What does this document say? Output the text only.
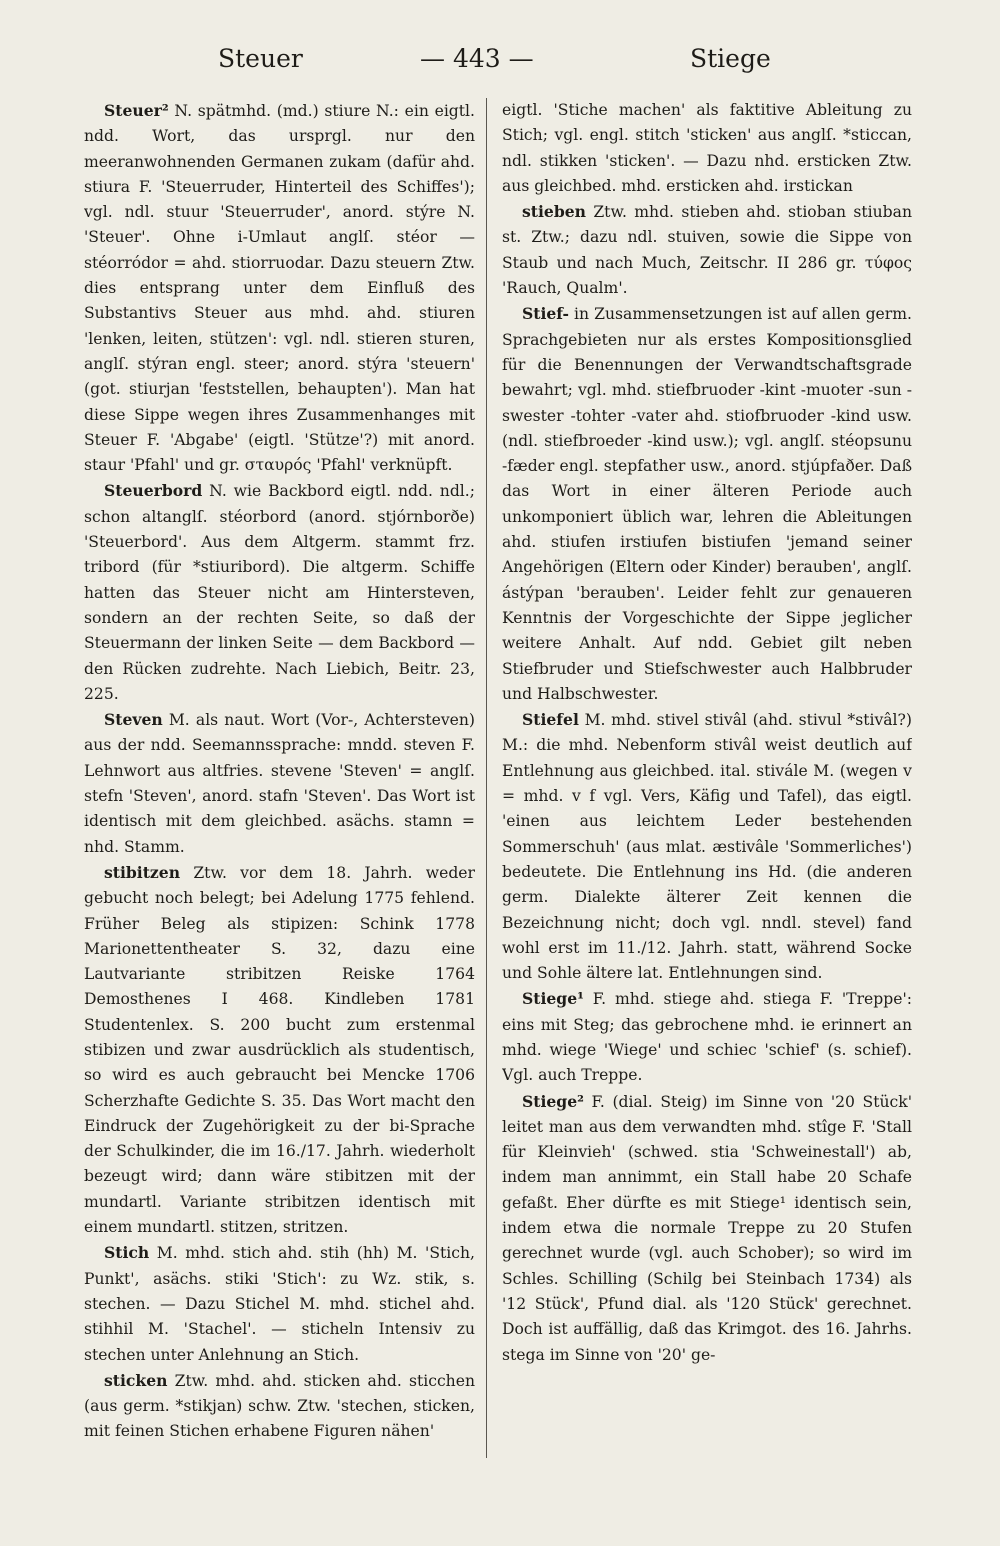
Steuer	— 443 —	Stiege

Steuer² N. spätmhd. (md.) stiure N.: ein eigtl. ndd. Wort, das ursprgl. nur den meeranwohnenden Germanen zukam (dafür ahd. stiura F. 'Steuerruder, Hinterteil des Schiffes'); vgl. ndl. stuur 'Steuerruder', anord. stýre N. 'Steuer'. Ohne i-Umlaut anglſ. stéor — stéorródor = ahd. stiorruodar. Dazu steuern Ztw. dies entsprang unter dem Einfluß des Substantivs Steuer aus mhd. ahd. stiuren 'lenken, leiten, stützen': vgl. ndl. stieren sturen, anglſ. stýran engl. steer; anord. stýra 'steuern' (got. stiurjan 'feststellen, behaupten'). Man hat diese Sippe wegen ihres Zusammenhanges mit Steuer F. 'Abgabe' (eigtl. 'Stütze'?) mit anord. staur 'Pfahl' und gr. σταυρός 'Pfahl' verknüpft.

Steuerbord N. wie Backbord eigtl. ndd. ndl.; schon altanglſ. stéorbord (anord. stjórnborðe) 'Steuerbord'. Aus dem Altgerm. stammt frz. tribord (für *stiuribord). Die altgerm. Schiffe hatten das Steuer nicht am Hintersteven, sondern an der rechten Seite, so daß der Steuermann der linken Seite — dem Backbord — den Rücken zudrehte. Nach Liebich, Beitr. 23, 225.

Steven M. als naut. Wort (Vor-, Achtersteven) aus der ndd. Seemannssprache: mndd. steven F. Lehnwort aus altfries. stevene 'Steven' = anglſ. stefn 'Steven', anord. stafn 'Steven'. Das Wort ist identisch mit dem gleichbed. asächs. stamn = nhd. Stamm.

stibitzen Ztw. vor dem 18. Jahrh. weder gebucht noch belegt; bei Adelung 1775 fehlend. Früher Beleg als stipizen: Schink 1778 Marionettentheater S. 32, dazu eine Lautvariante stribitzen Reiske 1764 Demosthenes I 468. Kindleben 1781 Studentenlex. S. 200 bucht zum erstenmal stibizen und zwar ausdrücklich als studentisch, so wird es auch gebraucht bei Mencke 1706 Scherzhafte Gedichte S. 35. Das Wort macht den Eindruck der Zugehörigkeit zu der bi-Sprache der Schulkinder, die im 16./17. Jahrh. wiederholt bezeugt wird; dann wäre stibitzen mit der mundartl. Variante stribitzen identisch mit einem mundartl. stitzen, stritzen.

Stich M. mhd. stich ahd. stih (hh) M. 'Stich, Punkt', asächs. stiki 'Stich': zu Wz. stik, s. stechen. — Dazu Stichel M. mhd. stichel ahd. stihhil M. 'Stachel'. — sticheln Intensiv zu stechen unter Anlehnung an Stich.

sticken Ztw. mhd. ahd. sticken ahd. sticchen (aus germ. *stikjan) schw. Ztw. 'stechen, sticken, mit feinen Stichen erhabene Figuren nähen'

eigtl. 'Stiche machen' als faktitive Ableitung zu Stich; vgl. engl. stitch 'sticken' aus anglſ. *sticcan, ndl. stikken 'sticken'. — Dazu nhd. ersticken Ztw. aus gleichbed. mhd. ersticken ahd. irstickan

stieben Ztw. mhd. stieben ahd. stioban stiuban st. Ztw.; dazu ndl. stuiven, sowie die Sippe von Staub und nach Much, Zeitschr. II 286 gr. τύφος 'Rauch, Qualm'.

Stief- in Zusammensetzungen ist auf allen germ. Sprachgebieten nur als erstes Kompositionsglied für die Benennungen der Verwandtschaftsgrade bewahrt; vgl. mhd. stiefbruoder -kint -muoter -sun -swester -tohter -vater ahd. stiofbruoder -kind usw. (ndl. stiefbroeder -kind usw.); vgl. anglſ. stéopsunu -fæder engl. stepfather usw., anord. stjúpfaðer. Daß das Wort in einer älteren Periode auch unkomponiert üblich war, lehren die Ableitungen ahd. stiufen irstiufen bistiufen 'jemand seiner Angehörigen (Eltern oder Kinder) berauben', anglſ. ástýpan 'berauben'. Leider fehlt zur genaueren Kenntnis der Vorgeschichte der Sippe jeglicher weitere Anhalt. Auf ndd. Gebiet gilt neben Stiefbruder und Stiefschwester auch Halbbruder und Halbschwester.

Stiefel M. mhd. stivel stivâl (ahd. stivul *stivâl?) M.: die mhd. Nebenform stivâl weist deutlich auf Entlehnung aus gleichbed. ital. stivále M. (wegen v = mhd. v f vgl. Vers, Käfig und Tafel), das eigtl. 'einen aus leichtem Leder bestehenden Sommerschuh' (aus mlat. æstivâle 'Sommerliches') bedeutete. Die Entlehnung ins Hd. (die anderen germ. Dialekte älterer Zeit kennen die Bezeichnung nicht; doch vgl. nndl. stevel) fand wohl erst im 11./12. Jahrh. statt, während Socke und Sohle ältere lat. Entlehnungen sind.

Stiege¹ F. mhd. stiege ahd. stiega F. 'Treppe': eins mit Steg; das gebrochene mhd. ie erinnert an mhd. wiege 'Wiege' und schiec 'schief' (s. schief). Vgl. auch Treppe.

Stiege² F. (dial. Steig) im Sinne von '20 Stück' leitet man aus dem verwandten mhd. stîge F. 'Stall für Kleinvieh' (schwed. stia 'Schweinestall') ab, indem man annimmt, ein Stall habe 20 Schafe gefaßt. Eher dürfte es mit Stiege¹ identisch sein, indem etwa die normale Treppe zu 20 Stufen gerechnet wurde (vgl. auch Schober); so wird im Schles. Schilling (Schilg bei Steinbach 1734) als '12 Stück', Pfund dial. als '120 Stück' gerechnet. Doch ist auffällig, daß das Krimgot. des 16. Jahrhs. stega im Sinne von '20' ge-
